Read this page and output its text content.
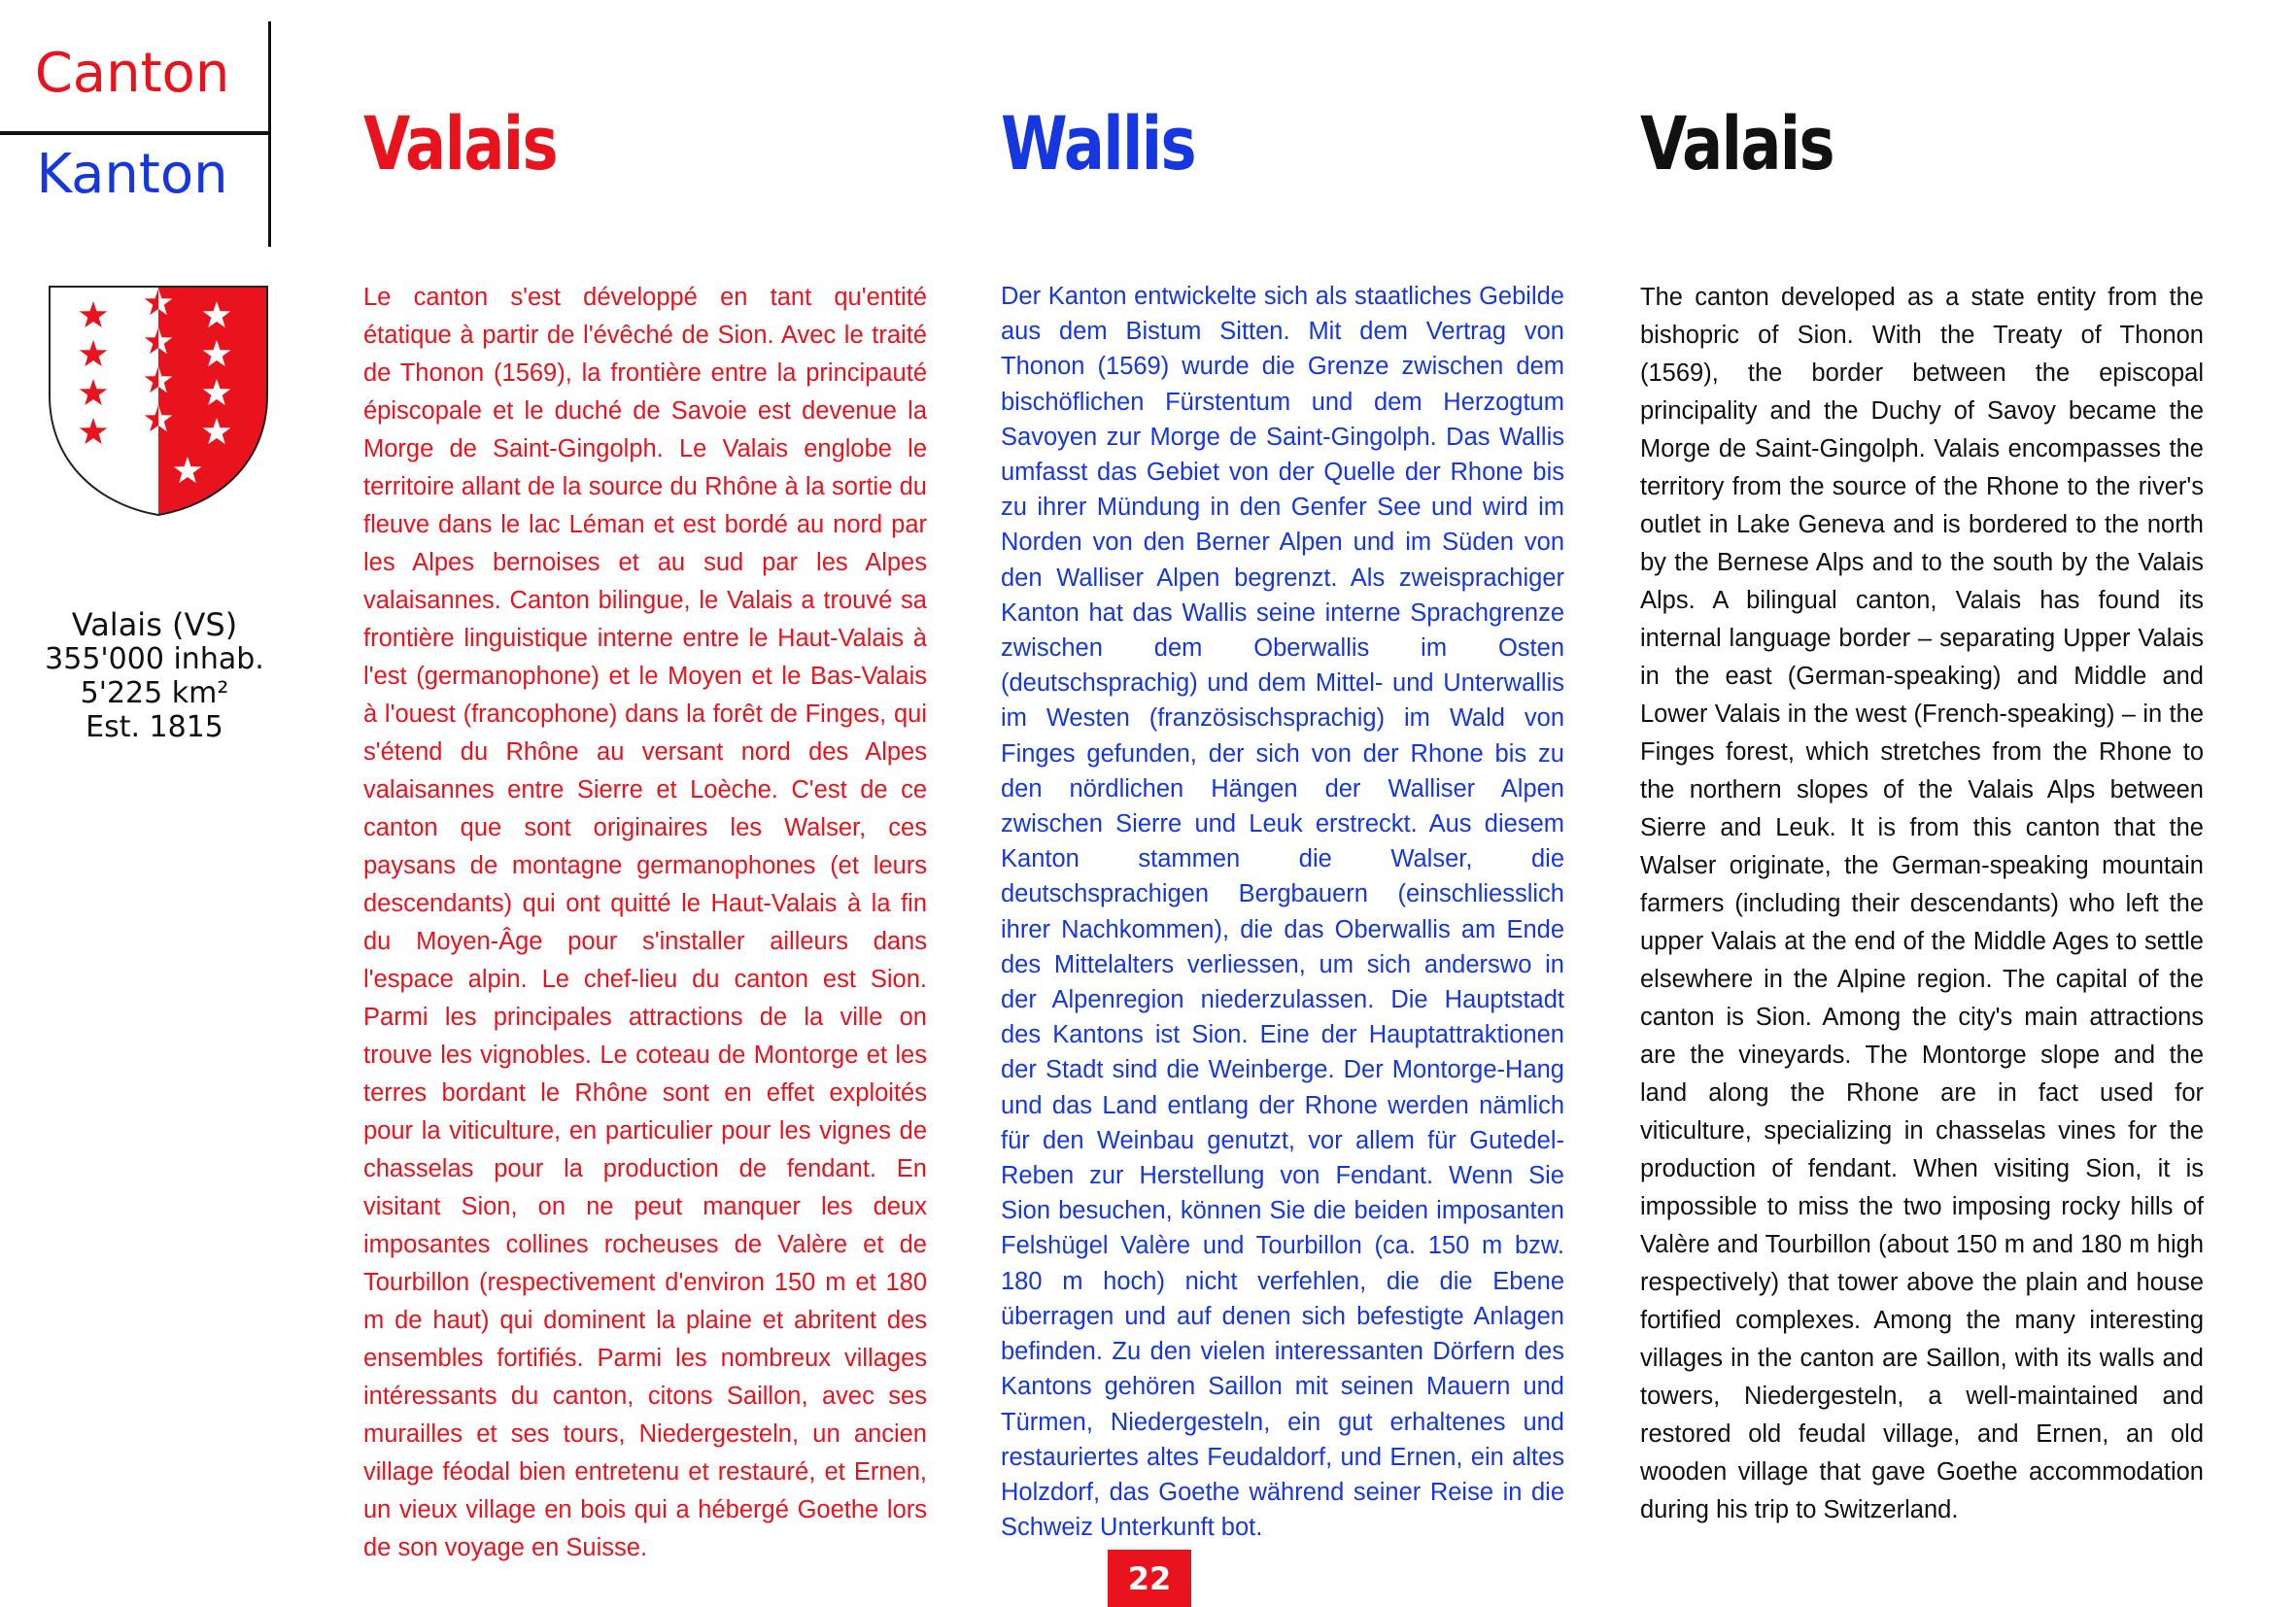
Canton
Kanton
Valais (VS)
355'000 inhab.
5'225 km²
Est. 1815
Valais	Wallis	Valais
Le canton s'est développé en tant qu'entité étatique à partir de l'évêché de Sion. Avec le traité de Thonon (1569), la frontière entre la principauté épiscopale et le duché de Savoie est devenue la Morge de Saint-Gingolph. Le Valais englobe le territoire allant de la source du Rhône à la sortie du fleuve dans le lac Léman et est bordé au nord par les Alpes bernoises et au sud par les Alpes valaisannes. Canton bilingue, le Valais a trouvé sa frontière linguistique interne entre le Haut-Valais à l'est (germanophone) et le Moyen et le Bas-Valais à l'ouest (francophone) dans la forêt de Finges, qui s'étend du Rhône au versant nord des Alpes valaisannes entre Sierre et Loèche. C'est de ce canton que sont originaires les Walser, ces paysans de montagne germanophones (et leurs descendants) qui ont quitté le Haut-Valais à la fin du Moyen-Âge pour s'installer ailleurs dans l'espace alpin. Le chef-lieu du canton est Sion. Parmi les principales attractions de la ville on trouve les vignobles. Le coteau de Montorge et les terres bordant le Rhône sont en effet exploités pour la viticulture, en particulier pour les vignes de chasselas pour la production de fendant. En visitant Sion, on ne peut manquer les deux imposantes collines rocheuses de Valère et de Tourbillon (respectivement d'environ 150 m et 180 m de haut) qui dominent la plaine et abritent des ensembles fortifiés. Parmi les nombreux villages intéressants du canton, citons Saillon, avec ses murailles et ses tours, Niedergesteln, un ancien village féodal bien entretenu et restauré, et Ernen, un vieux village en bois qui a hébergé Goethe lors de son voyage en Suisse.
Der Kanton entwickelte sich als staatliches Gebilde aus dem Bistum Sitten. Mit dem Vertrag von Thonon (1569) wurde die Grenze zwischen dem bischöflichen Fürstentum und dem Herzogtum Savoyen zur Morge de Saint-Gingolph. Das Wallis umfasst das Gebiet von der Quelle der Rhone bis zu ihrer Mündung in den Genfer See und wird im Norden von den Berner Alpen und im Süden von den Walliser Alpen begrenzt. Als zweisprachiger Kanton hat das Wallis seine interne Sprachgrenze zwischen dem Oberwallis im Osten (deutschsprachig) und dem Mittel- und Unterwallis im Westen (französischsprachig) im Wald von Finges gefunden, der sich von der Rhone bis zu den nördlichen Hängen der Walliser Alpen zwischen Sierre und Leuk erstreckt. Aus diesem Kanton stammen die Walser, die deutschsprachigen Bergbauern (einschliesslich ihrer Nachkommen), die das Oberwallis am Ende des Mittelalters verliessen, um sich anderswo in der Alpenregion niederzulassen. Die Hauptstadt des Kantons ist Sion. Eine der Hauptattraktionen der Stadt sind die Weinberge. Der Montorge-Hang und das Land entlang der Rhone werden nämlich für den Weinbau genutzt, vor allem für Gutedel-Reben zur Herstellung von Fendant. Wenn Sie Sion besuchen, können Sie die beiden imposanten Felshügel Valère und Tourbillon (ca. 150 m bzw. 180 m hoch) nicht verfehlen, die die Ebene überragen und auf denen sich befestigte Anlagen befinden. Zu den vielen interessanten Dörfern des Kantons gehören Saillon mit seinen Mauern und Türmen, Niedergesteln, ein gut erhaltenes und restauriertes altes Feudaldorf, und Ernen, ein altes Holzdorf, das Goethe während seiner Reise in die Schweiz Unterkunft bot.
The canton developed as a state entity from the bishopric of Sion. With the Treaty of Thonon (1569), the border between the episcopal principality and the Duchy of Savoy became the Morge de Saint-Gingolph. Valais encompasses the territory from the source of the Rhone to the river's outlet in Lake Geneva and is bordered to the north by the Bernese Alps and to the south by the Valais Alps. A bilingual canton, Valais has found its internal language border – separating Upper Valais in the east (German-speaking) and Middle and Lower Valais in the west (French-speaking) – in the Finges forest, which stretches from the Rhone to the northern slopes of the Valais Alps between Sierre and Leuk. It is from this canton that the Walser originate, the German-speaking mountain farmers (including their descendants) who left the upper Valais at the end of the Middle Ages to settle elsewhere in the Alpine region. The capital of the canton is Sion. Among the city's main attractions are the vineyards. The Montorge slope and the land along the Rhone are in fact used for viticulture, specializing in chasselas vines for the production of fendant. When visiting Sion, it is impossible to miss the two imposing rocky hills of Valère and Tourbillon (about 150 m and 180 m high respectively) that tower above the plain and house fortified complexes. Among the many interesting villages in the canton are Saillon, with its walls and towers, Niedergesteln, a well-maintained and restored old feudal village, and Ernen, an old wooden village that gave Goethe accommodation during his trip to Switzerland.
22
